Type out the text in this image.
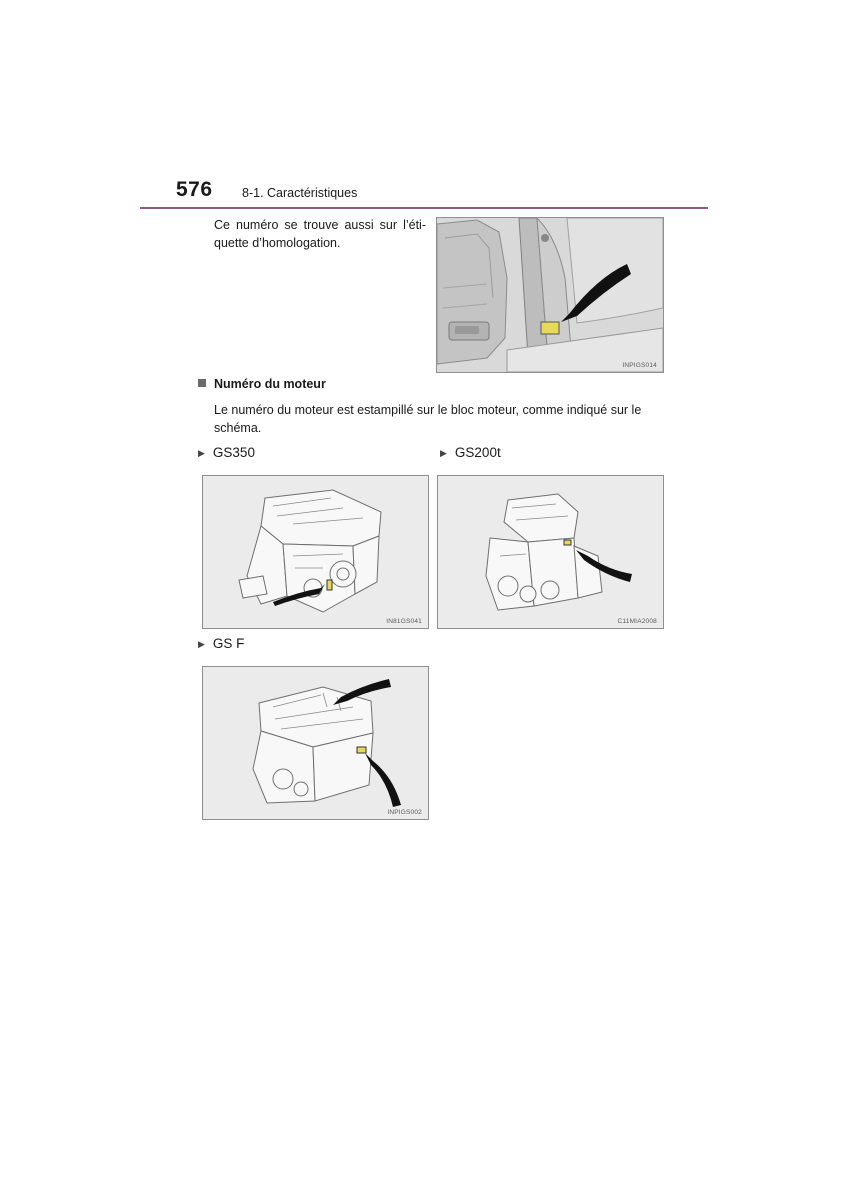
576 8-1. Caractéristiques
Ce numéro se trouve aussi sur l’étiquette d’homologation.
INPIGS014
Numéro du moteur
Le numéro du moteur est estampillé sur le bloc moteur, comme indiqué sur le schéma.
▶ GS350	▶ GS200t
IN81GS041	C11MIA2008
▶ GS F
INPIGS002
